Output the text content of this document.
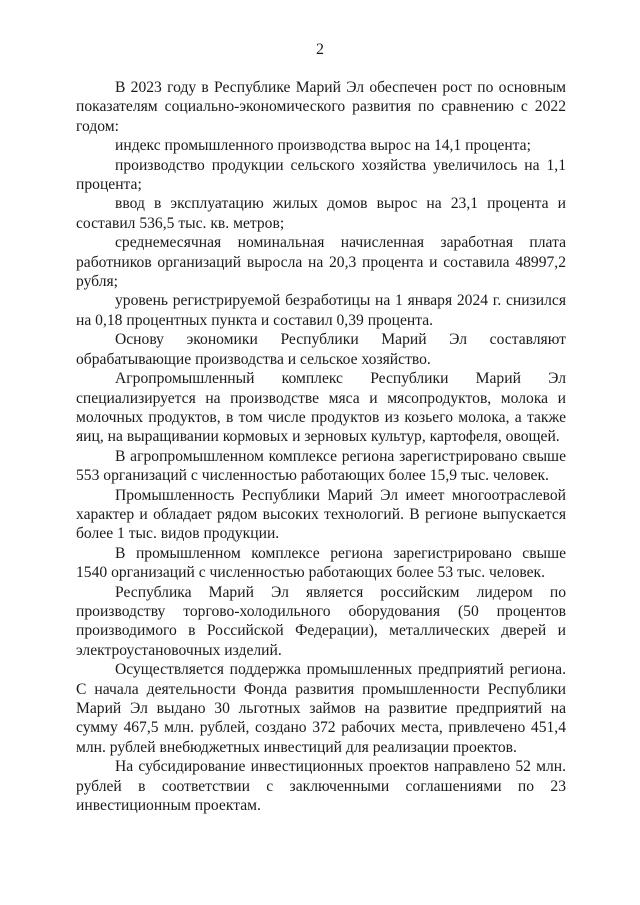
2

В 2023 году в Республике Марий Эл обеспечен рост по основным показателям социально-экономического развития по сравнению с 2022 годом:

индекс промышленного производства вырос на 14,1 процента;

производство продукции сельского хозяйства увеличилось на 1,1 процента;

ввод в эксплуатацию жилых домов вырос на 23,1 процента и составил 536,5 тыс. кв. метров;

среднемесячная номинальная начисленная заработная плата работников организаций выросла на 20,3 процента и составила 48997,2 рубля;

уровень регистрируемой безработицы на 1 января 2024 г. снизился на 0,18 процентных пункта и составил 0,39 процента.

Основу экономики Республики Марий Эл составляют обрабатывающие производства и сельское хозяйство.

Агропромышленный комплекс Республики Марий Эл специализируется на производстве мяса и мясопродуктов, молока и молочных продуктов, в том числе продуктов из козьего молока, а также яиц, на выращивании кормовых и зерновых культур, картофеля, овощей.

В агропромышленном комплексе региона зарегистрировано свыше 553 организаций с численностью работающих более 15,9 тыс. человек.

Промышленность Республики Марий Эл имеет многоотраслевой характер и обладает рядом высоких технологий. В регионе выпускается более 1 тыс. видов продукции.

В промышленном комплексе региона зарегистрировано свыше 1540 организаций с численностью работающих более 53 тыс. человек.

Республика Марий Эл является российским лидером по производству торгово-холодильного оборудования (50 процентов производимого в Российской Федерации), металлических дверей и электроустановочных изделий.

Осуществляется поддержка промышленных предприятий региона. С начала деятельности Фонда развития промышленности Республики Марий Эл выдано 30 льготных займов на развитие предприятий на сумму 467,5 млн. рублей, создано 372 рабочих места, привлечено 451,4 млн. рублей внебюджетных инвестиций для реализации проектов.

На субсидирование инвестиционных проектов направлено 52 млн. рублей в соответствии с заключенными соглашениями по 23 инвестиционным проектам.
